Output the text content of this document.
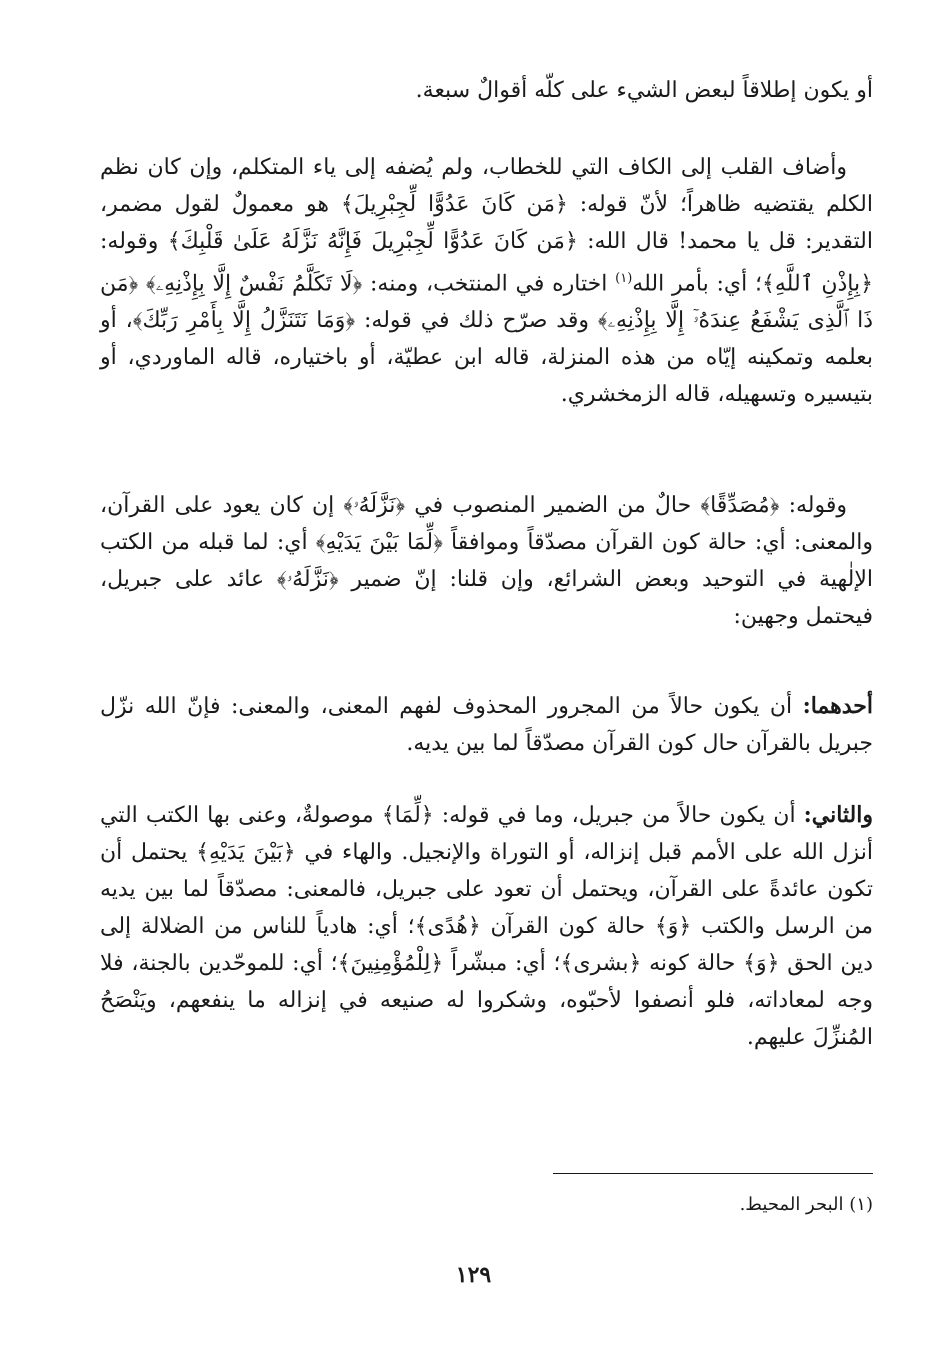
أو يكون إطلاقاً لبعض الشيء على كلّه أقوالٌ سبعة.

وأضاف القلب إلى الكاف التي للخطاب، ولم يُضفه إلى ياء المتكلم، وإن كان نظم الكلم يقتضيه ظاهراً؛ لأنّ قوله: ﴿مَن كَانَ عَدُوًّا لِّجِبْرِيلَ﴾ هو معمولٌ لقول مضمر، التقدير: قل يا محمد! قال الله: ﴿مَن كَانَ عَدُوًّا لِّجِبْرِيلَ فَإِنَّهُ نَزَّلَهُ عَلَىٰ قَلْبِكَ﴾ وقوله: ﴿بِإِذْنِ ٱللَّهِ﴾؛ أي: بأمر الله$^{(١)}$ اختاره في المنتخب، ومنه: ﴿لَا تَكَلَّمُ نَفْسٌ إِلَّا بِإِذْنِهِۦ﴾ ﴿مَن ذَا ٱلَّذِى يَشْفَعُ عِندَهُۥٓ إِلَّا بِإِذْنِهِۦ﴾ وقد صرّح ذلك في قوله: ﴿وَمَا نَتَنَزَّلُ إِلَّا بِأَمْرِ رَبِّكَ﴾، أو بعلمه وتمكينه إيّاه من هذه المنزلة، قاله ابن عطيّة، أو باختياره، قاله الماوردي، أو بتيسيره وتسهيله، قاله الزمخشري.

وقوله: ﴿مُصَدِّقًا﴾ حالٌ من الضمير المنصوب في ﴿نَزَّلَهُۥ﴾ إن كان يعود على القرآن، والمعنى: أي: حالة كون القرآن مصدّقاً وموافقاً ﴿لِّمَا بَيْنَ يَدَيْهِ﴾ أي: لما قبله من الكتب الإلٰهية في التوحيد وبعض الشرائع، وإن قلنا: إنّ ضمير ﴿نَزَّلَهُۥ﴾ عائد على جبريل، فيحتمل وجهين:

أحدهما: أن يكون حالاً من المجرور المحذوف لفهم المعنى، والمعنى: فإنّ الله نزّل جبريل بالقرآن حال كون القرآن مصدّقاً لما بين يديه.

والثاني: أن يكون حالاً من جبريل، وما في قوله: ﴿لِّمَا﴾ موصولةٌ، وعنى بها الكتب التي أنزل الله على الأمم قبل إنزاله، أو التوراة والإنجيل. والهاء في ﴿بَيْنَ يَدَيْهِ﴾ يحتمل أن تكون عائدةً على القرآن، ويحتمل أن تعود على جبريل، فالمعنى: مصدّقاً لما بين يديه من الرسل والكتب ﴿وَ﴾ حالة كون القرآن ﴿هُدًى﴾؛ أي: هادياً للناس من الضلالة إلى دين الحق ﴿وَ﴾ حالة كونه ﴿بشرى﴾؛ أي: مبشّراً ﴿لِلْمُؤْمِنِينَ﴾؛ أي: للموحّدين بالجنة، فلا وجه لمعاداته، فلو أنصفوا لأحبّوه، وشكروا له صنيعه في إنزاله ما ينفعهم، ويَنْصَحُ المُنزِّلَ عليهم.

(١) البحر المحيط.
١٢٩
